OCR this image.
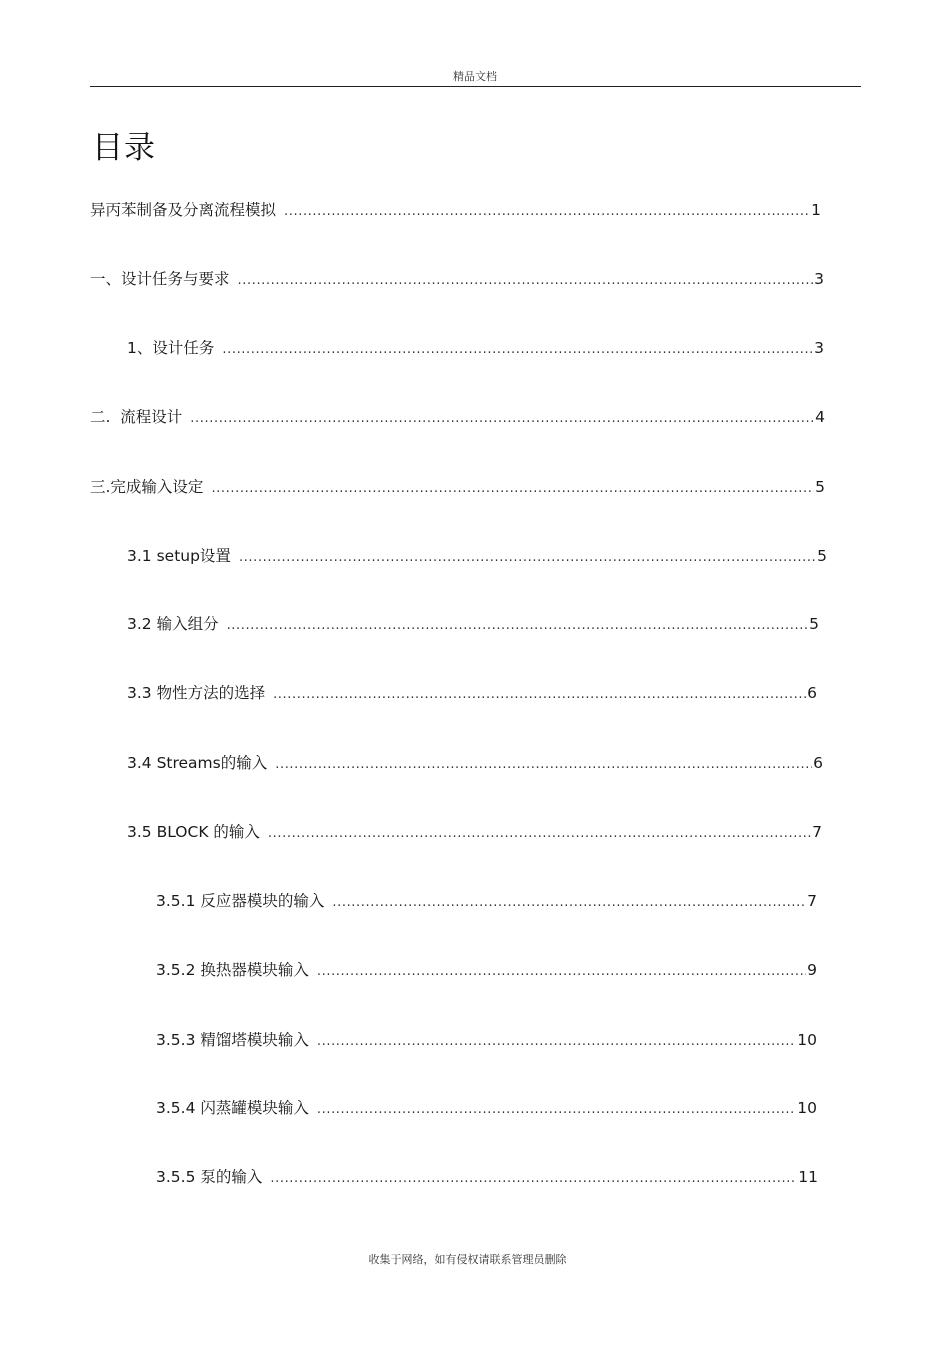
精品文档
目录
异丙苯制备及分离流程模拟 .....	1
一、设计任务与要求 .....	3
1、设计任务 .....	3
二.  流程设计 .....	4
三.完成输入设定 .....	5
3.1 setup设置 .....	5
3.2 输入组分 .....	5
3.3 物性方法的选择 .....	6
3.4 Streams的输入 .....	6
3.5 BLOCK 的输入 .....	7
3.5.1 反应器模块的输入 .....	7
3.5.2 换热器模块输入 .....	9
3.5.3 精馏塔模块输入 .....	10
3.5.4 闪蒸罐模块输入 .....	10
3.5.5 泵的输入 .....	11
收集于网络，如有侵权请联系管理员删除
